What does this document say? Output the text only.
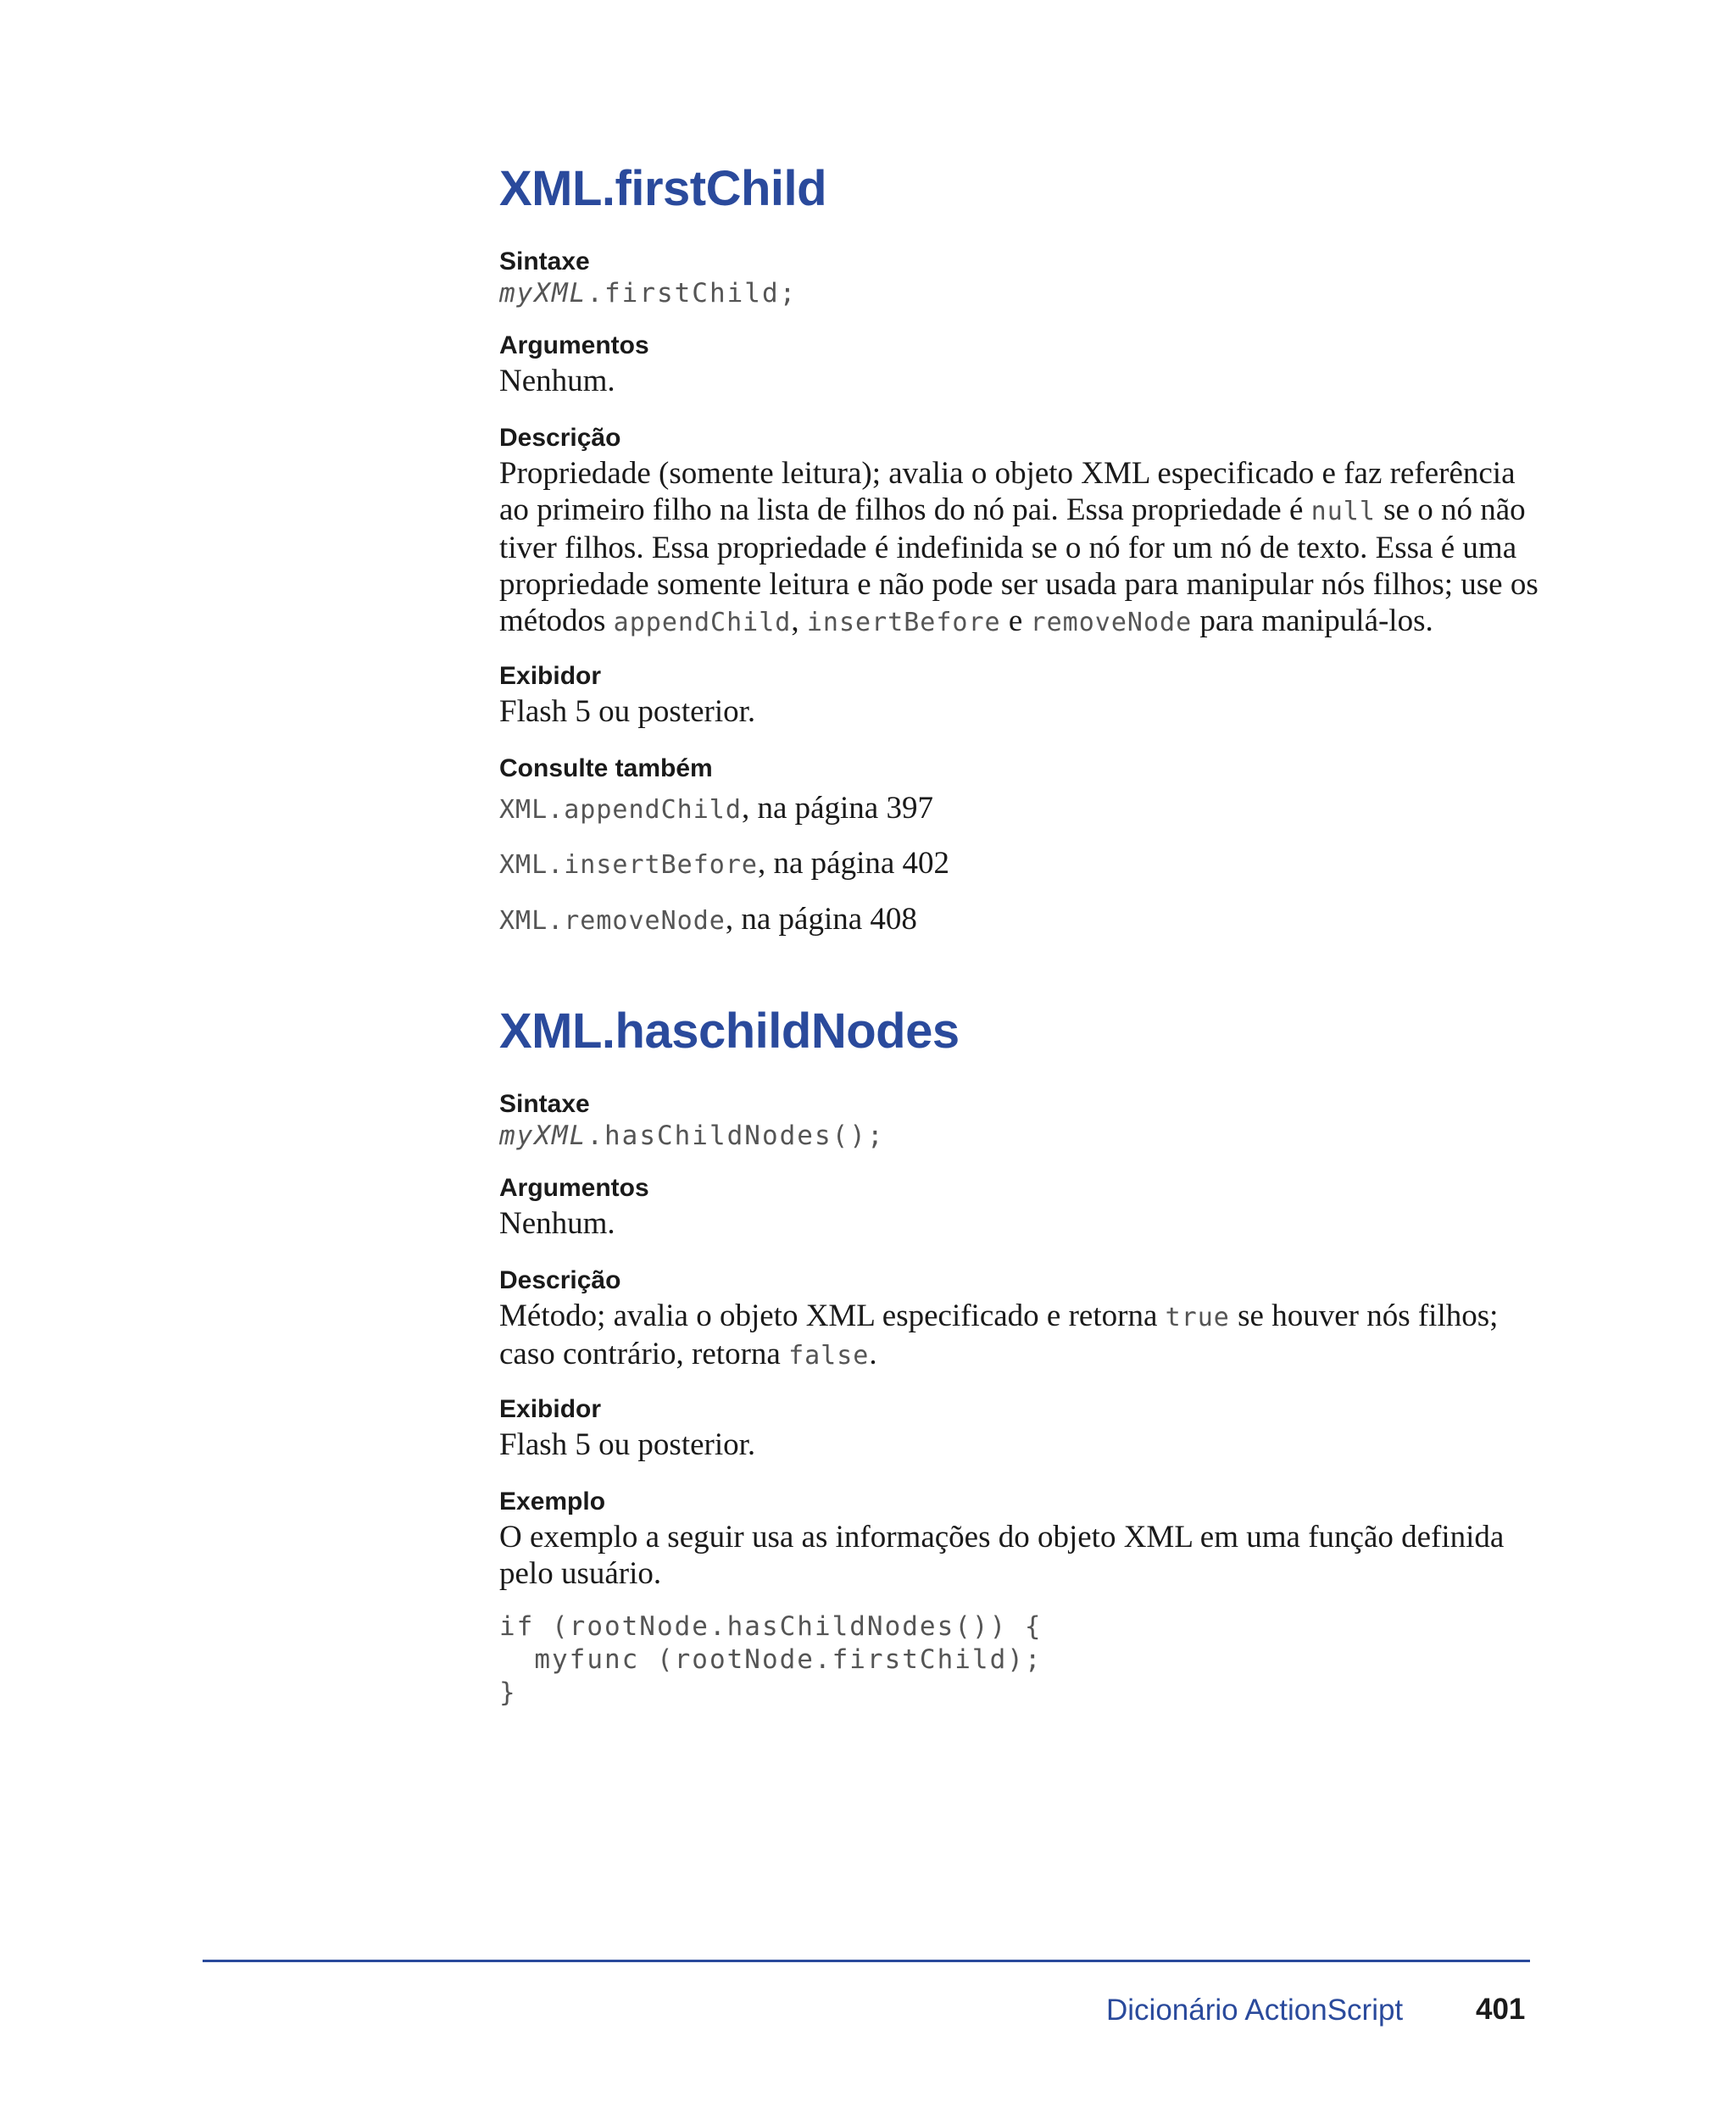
XML.firstChild
Sintaxe
myXML.firstChild;
Argumentos
Nenhum.
Descrição
Propriedade (somente leitura); avalia o objeto XML especificado e faz referência ao primeiro filho na lista de filhos do nó pai. Essa propriedade é null se o nó não tiver filhos. Essa propriedade é indefinida se o nó for um nó de texto. Essa é uma propriedade somente leitura e não pode ser usada para manipular nós filhos; use os métodos appendChild, insertBefore e removeNode para manipulá-los.
Exibidor
Flash 5 ou posterior.
Consulte também
XML.appendChild, na página 397
XML.insertBefore, na página 402
XML.removeNode, na página 408
XML.haschildNodes
Sintaxe
myXML.hasChildNodes();
Argumentos
Nenhum.
Descrição
Método; avalia o objeto XML especificado e retorna true se houver nós filhos; caso contrário, retorna false.
Exibidor
Flash 5 ou posterior.
Exemplo
O exemplo a seguir usa as informações do objeto XML em uma função definida pelo usuário.
if (rootNode.hasChildNodes()) {
myfunc (rootNode.firstChild);
}
Dicionário ActionScript 401
